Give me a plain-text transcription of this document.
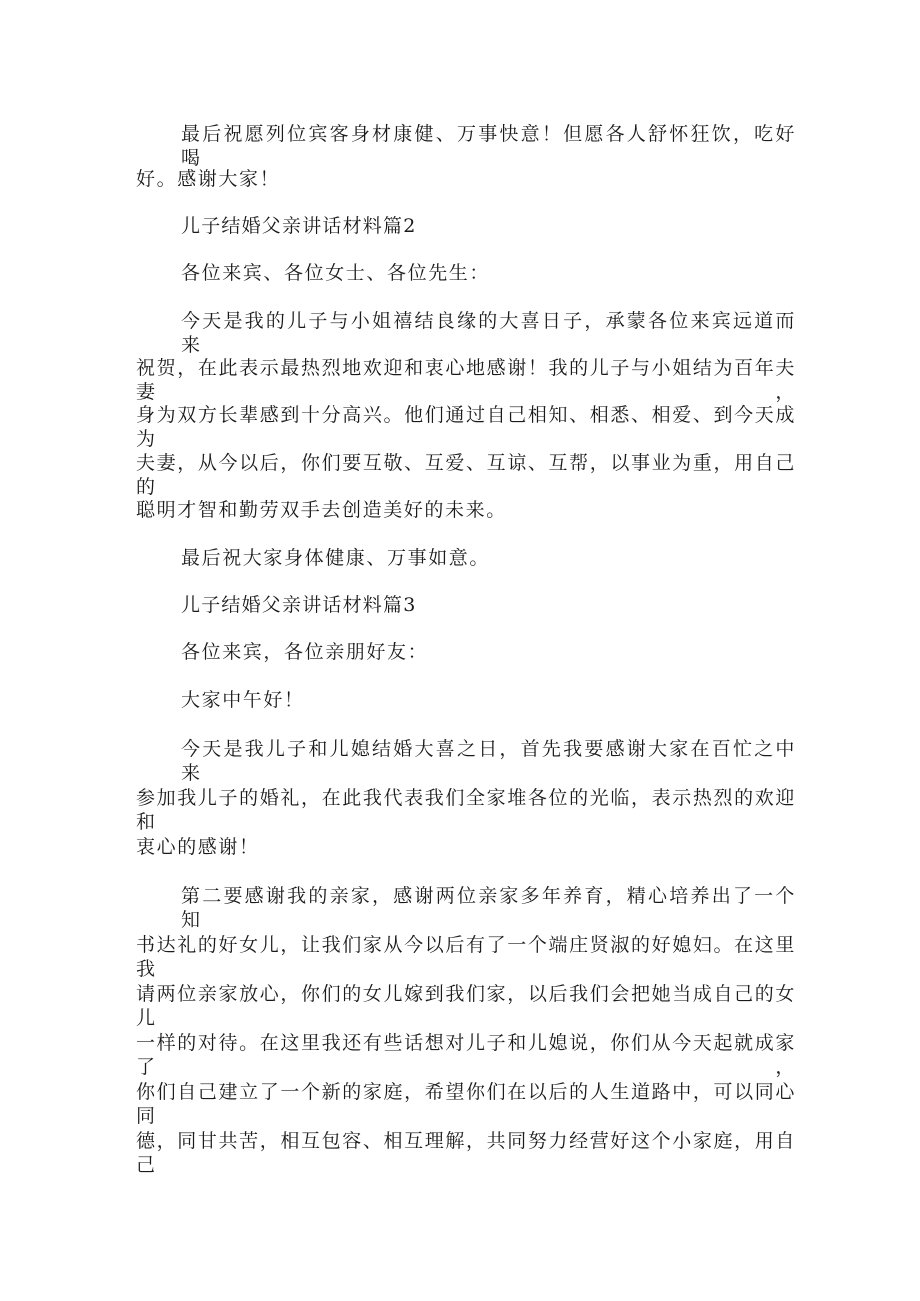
最后祝愿列位宾客身材康健、万事快意！但愿各人舒怀狂饮，吃好喝
好。感谢大家！
儿子结婚父亲讲话材料篇2
各位来宾、各位女士、各位先生：
今天是我的儿子与小姐禧结良缘的大喜日子，承蒙各位来宾远道而来
祝贺，在此表示最热烈地欢迎和衷心地感谢！我的儿子与小姐结为百年夫妻，
身为双方长辈感到十分高兴。他们通过自己相知、相悉、相爱、到今天成为
夫妻，从今以后，你们要互敬、互爱、互谅、互帮，以事业为重，用自己的
聪明才智和勤劳双手去创造美好的未来。
最后祝大家身体健康、万事如意。
儿子结婚父亲讲话材料篇3
各位来宾，各位亲朋好友：
大家中午好！
今天是我儿子和儿媳结婚大喜之日，首先我要感谢大家在百忙之中来
参加我儿子的婚礼，在此我代表我们全家堆各位的光临，表示热烈的欢迎和
衷心的感谢！
第二要感谢我的亲家，感谢两位亲家多年养育，精心培养出了一个知
书达礼的好女儿，让我们家从今以后有了一个端庄贤淑的好媳妇。在这里我
请两位亲家放心，你们的女儿嫁到我们家，以后我们会把她当成自己的女儿
一样的对待。在这里我还有些话想对儿子和儿媳说，你们从今天起就成家了，
你们自己建立了一个新的家庭，希望你们在以后的人生道路中，可以同心同
德，同甘共苦，相互包容、相互理解，共同努力经营好这个小家庭，用自己
